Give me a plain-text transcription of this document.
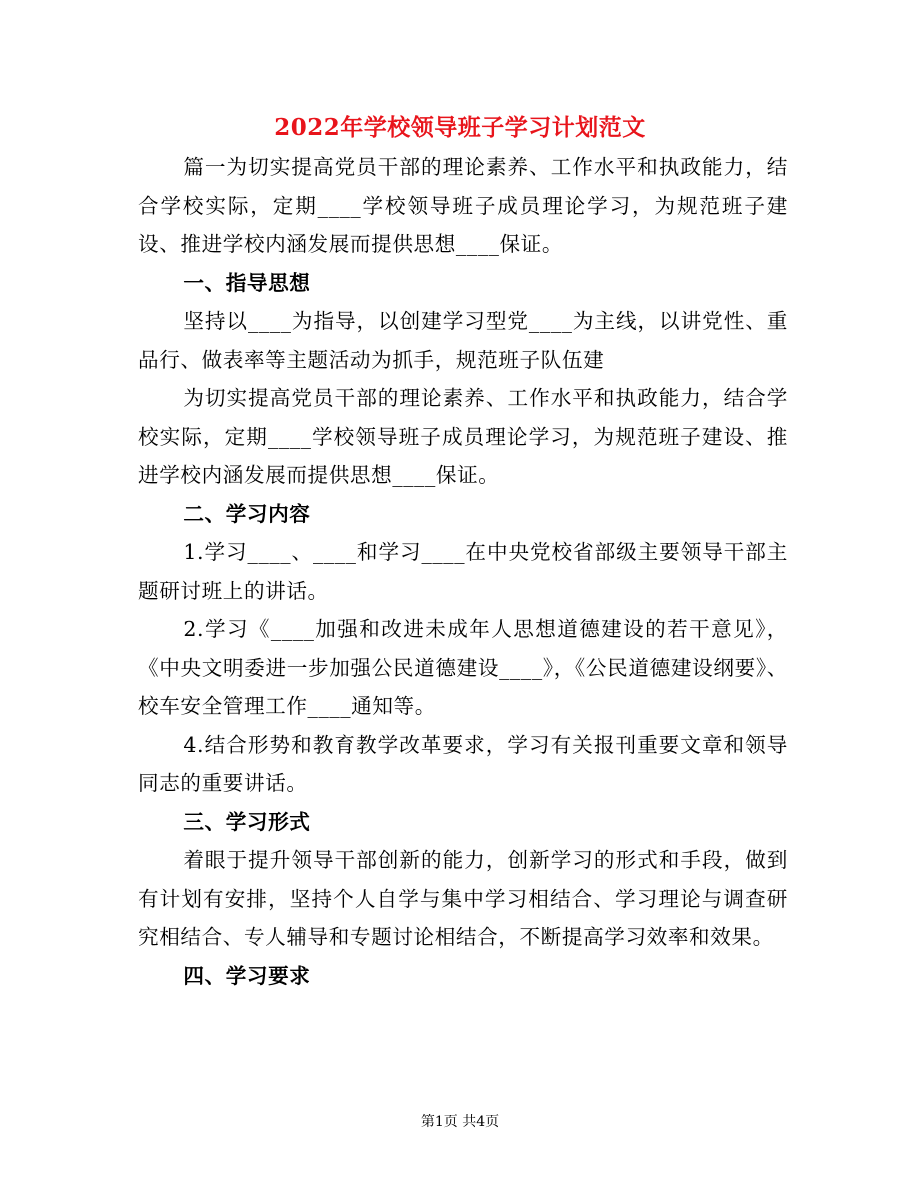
2022年学校领导班子学习计划范文

篇一为切实提高党员干部的理论素养、工作水平和执政能力，结合学校实际，定期____学校领导班子成员理论学习，为规范班子建设、推进学校内涵发展而提供思想____保证。

一、指导思想

坚持以____为指导，以创建学习型党____为主线，以讲党性、重品行、做表率等主题活动为抓手，规范班子队伍建

为切实提高党员干部的理论素养、工作水平和执政能力，结合学校实际，定期____学校领导班子成员理论学习，为规范班子建设、推进学校内涵发展而提供思想____保证。

二、学习内容

1.学习____、____和学习____在中央党校省部级主要领导干部主题研讨班上的讲话。

2.学习《____加强和改进未成年人思想道德建设的若干意见》，《中央文明委进一步加强公民道德建设____》，《公民道德建设纲要》、校车安全管理工作____通知等。

4.结合形势和教育教学改革要求，学习有关报刊重要文章和领导同志的重要讲话。

三、学习形式

着眼于提升领导干部创新的能力，创新学习的形式和手段，做到有计划有安排，坚持个人自学与集中学习相结合、学习理论与调查研究相结合、专人辅导和专题讨论相结合，不断提高学习效率和效果。

四、学习要求

第1页 共4页
